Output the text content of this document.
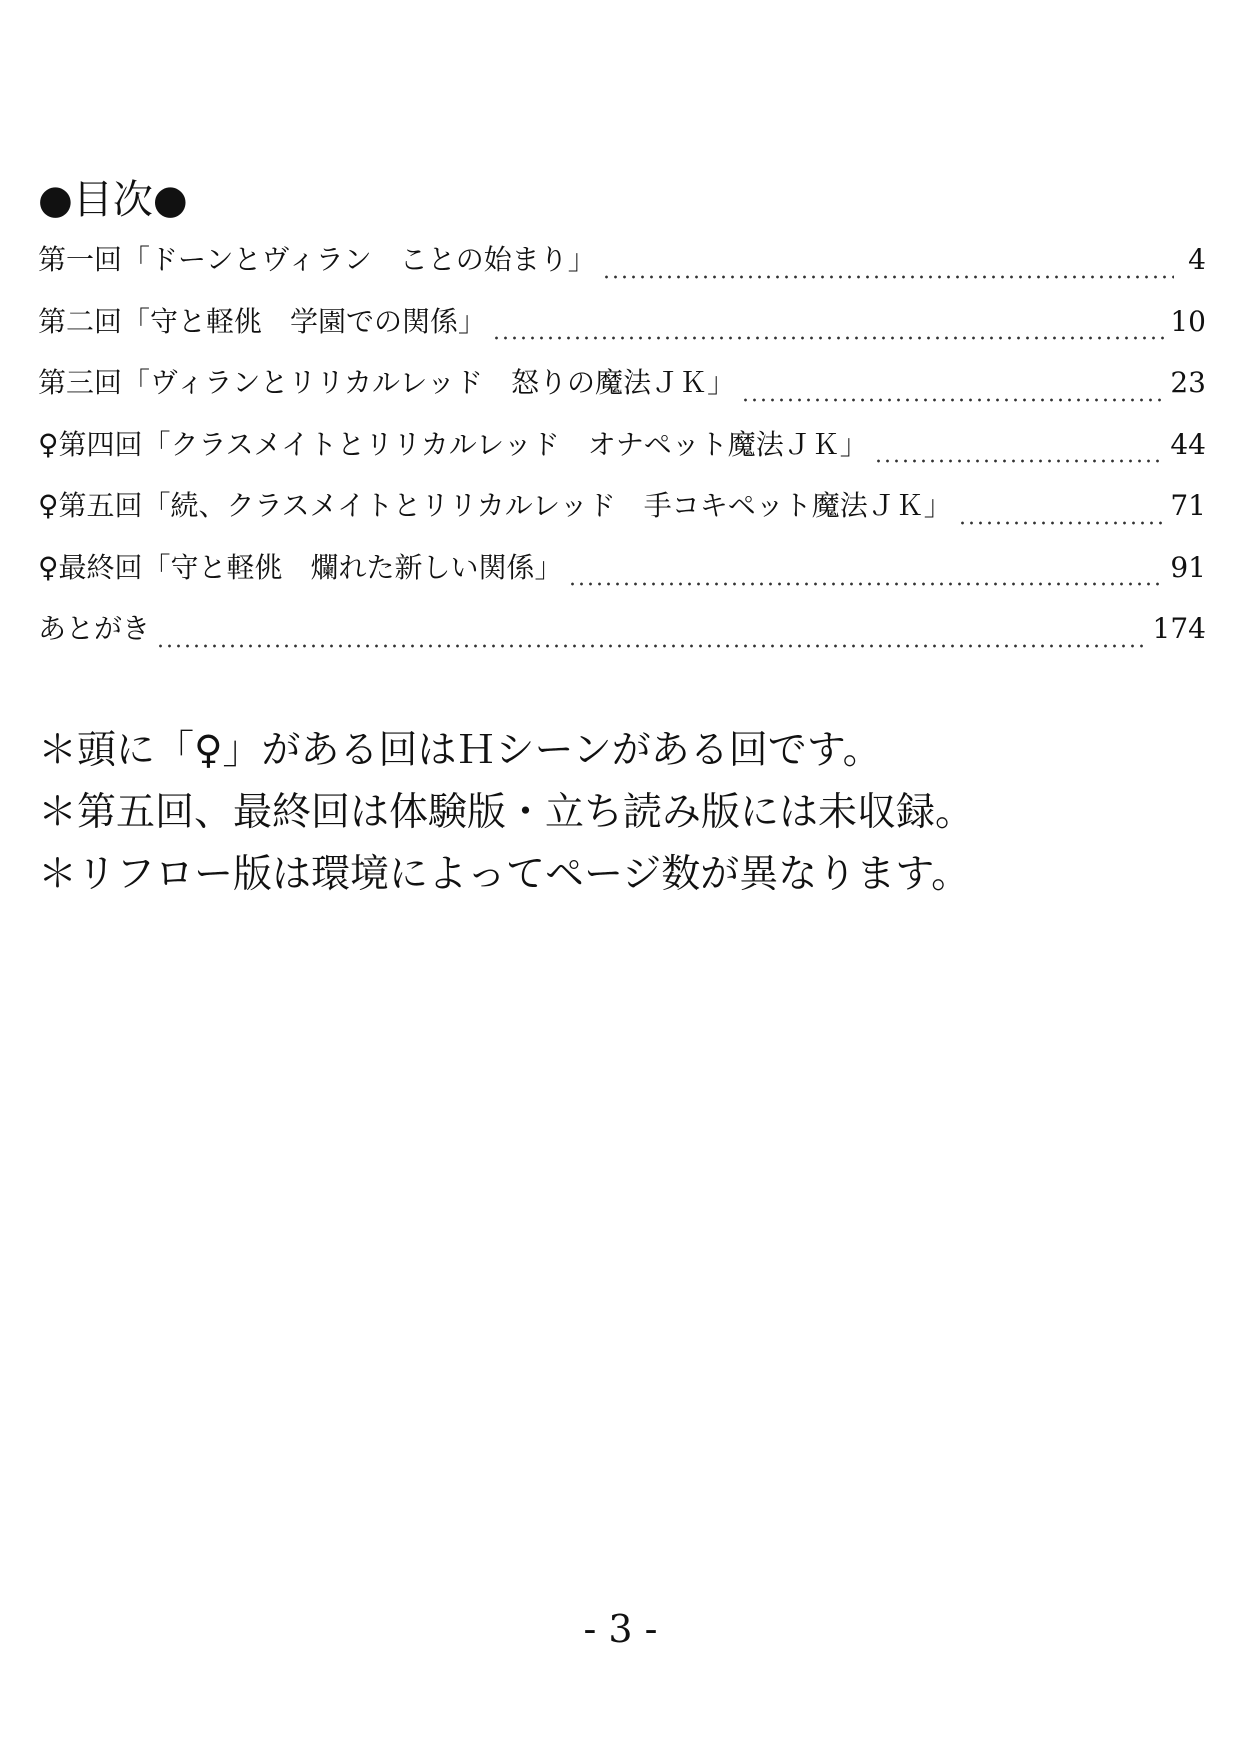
●目次●
第一回「ドーンとヴィラン　ことの始まり」	4
第二回「守と軽佻　学園での関係」	10
第三回「ヴィランとリリカルレッド　怒りの魔法ＪＫ」	23
♀第四回「クラスメイトとリリカルレッド　オナペット魔法ＪＫ」	44
♀第五回「続、クラスメイトとリリカルレッド　手コキペット魔法ＪＫ」	71
♀最終回「守と軽佻　爛れた新しい関係」	91
あとがき	174
＊頭に「♀」がある回はＨシーンがある回です。
＊第五回、最終回は体験版・立ち読み版には未収録。
＊リフロー版は環境によってページ数が異なります。
- 3 -
